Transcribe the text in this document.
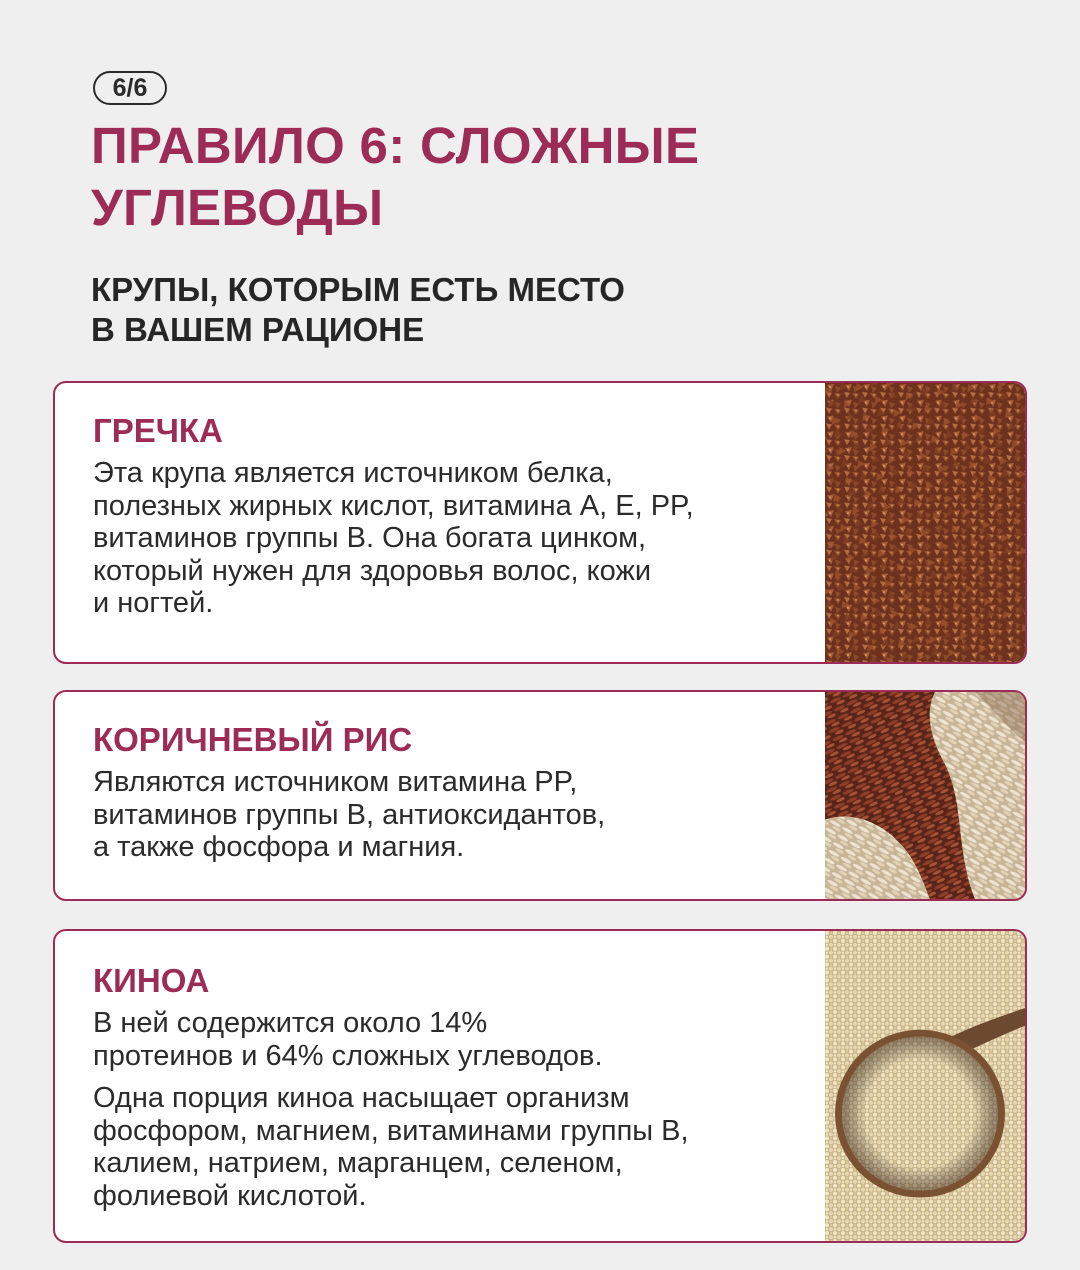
6/6
ПРАВИЛО 6: СЛОЖНЫЕ
УГЛЕВОДЫ
КРУПЫ, КОТОРЫМ ЕСТЬ МЕСТО
В ВАШЕМ РАЦИОНЕ
ГРЕЧКА

Эта крупа является источником белка,
полезных жирных кислот, витамина А, Е, PP,
витаминов группы В. Она богата цинком,
который нужен для здоровья волос, кожи
и ногтей.

КОРИЧНЕВЫЙ РИС

Являются источником витамина PP,
витаминов группы В, антиоксидантов,
а также фосфора и магния.

КИНОА

В ней содержится около 14%
протеинов и 64% сложных углеводов.

Одна порция киноа насыщает организм
фосфором, магнием, витаминами группы В,
калием, натрием, марганцем, селеном,
фолиевой кислотой.
